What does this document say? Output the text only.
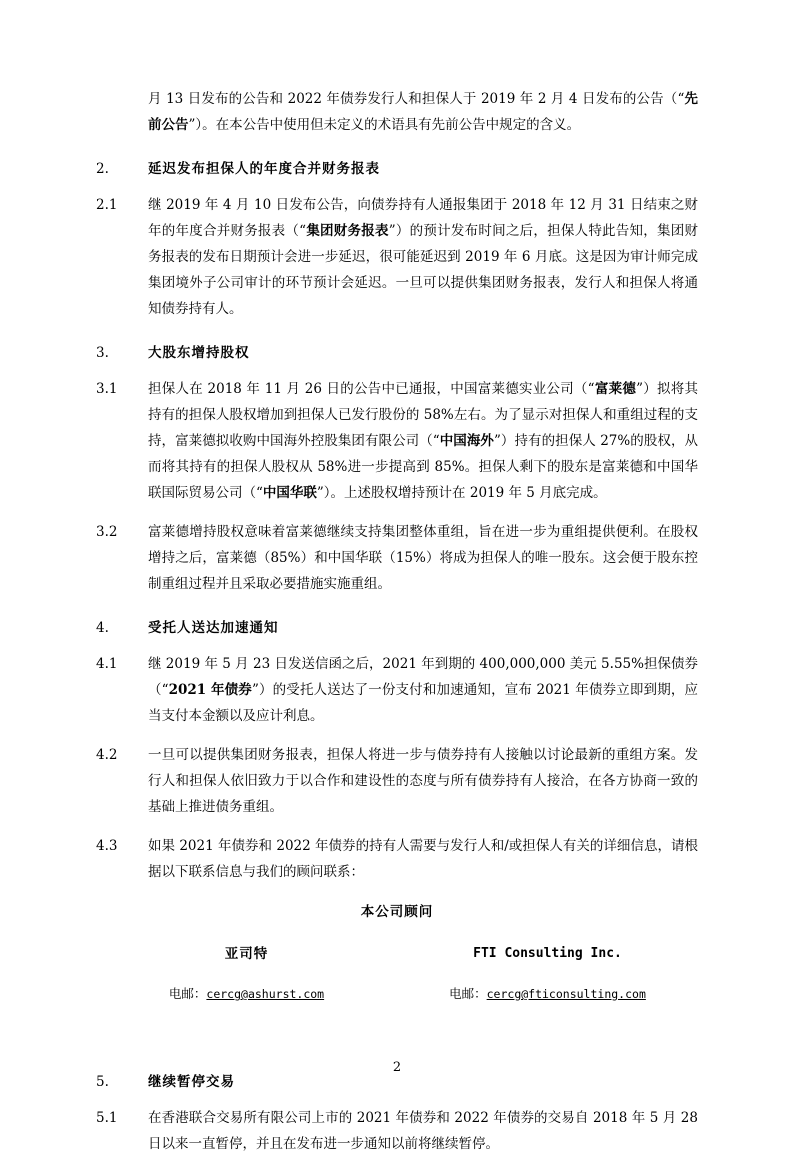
月 13 日发布的公告和 2022 年债券发行人和担保人于 2019 年 2 月 4 日发布的公告（“先前公告”）。在本公告中使用但未定义的术语具有先前公告中规定的含义。
2.	延迟发布担保人的年度合并财务报表
2.1	继 2019 年 4 月 10 日发布公告，向债券持有人通报集团于 2018 年 12 月 31 日结束之财年的年度合并财务报表（“集团财务报表”）的预计发布时间之后，担保人特此告知，集团财务报表的发布日期预计会进一步延迟，很可能延迟到 2019 年 6 月底。这是因为审计师完成集团境外子公司审计的环节预计会延迟。一旦可以提供集团财务报表，发行人和担保人将通知债券持有人。
3.	大股东增持股权
3.1	担保人在 2018 年 11 月 26 日的公告中已通报，中国富莱德实业公司（“富莱德”）拟将其持有的担保人股权增加到担保人已发行股份的 58%左右。为了显示对担保人和重组过程的支持，富莱德拟收购中国海外控股集团有限公司（“中国海外”）持有的担保人 27%的股权，从而将其持有的担保人股权从 58%进一步提高到 85%。担保人剩下的股东是富莱德和中国华联国际贸易公司（“中国华联”）。上述股权增持预计在 2019 年 5 月底完成。
3.2	富莱德增持股权意味着富莱德继续支持集团整体重组，旨在进一步为重组提供便利。在股权增持之后，富莱德（85%）和中国华联（15%）将成为担保人的唯一股东。这会便于股东控制重组过程并且采取必要措施实施重组。
4.	受托人送达加速通知
4.1	继 2019 年 5 月 23 日发送信函之后，2021 年到期的 400,000,000 美元 5.55%担保债券（“2021 年债券”）的受托人送达了一份支付和加速通知，宣布 2021 年债券立即到期，应当支付本金额以及应计利息。
4.2	一旦可以提供集团财务报表，担保人将进一步与债券持有人接触以讨论最新的重组方案。发行人和担保人依旧致力于以合作和建设性的态度与所有债券持有人接洽，在各方协商一致的基础上推进债务重组。
4.3	如果 2021 年债券和 2022 年债券的持有人需要与发行人和/或担保人有关的详细信息，请根据以下联系信息与我们的顾问联系：
本公司顾问
亚司特
电邮：cercg@ashurst.com
FTI Consulting Inc.
电邮：cercg@fticonsulting.com
5.	继续暂停交易
5.1	在香港联合交易所有限公司上市的 2021 年债券和 2022 年债券的交易自 2018 年 5 月 28 日以来一直暂停，并且在发布进一步通知以前将继续暂停。
2
